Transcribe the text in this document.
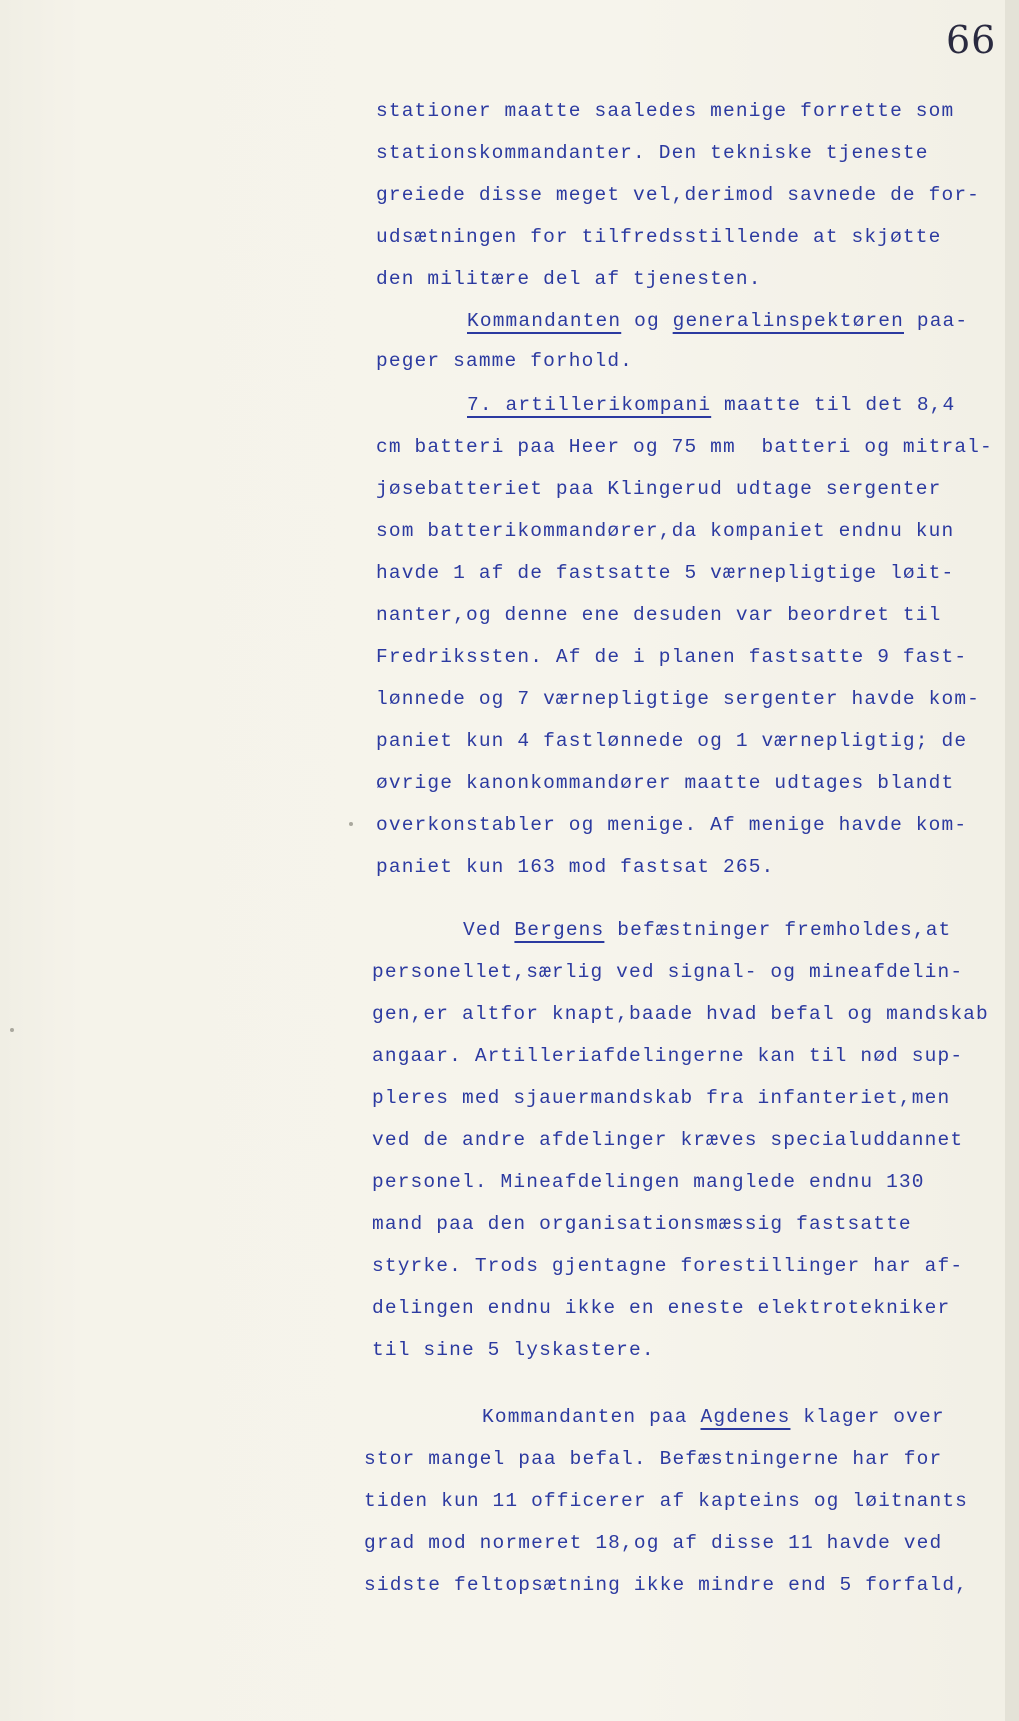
66
stationer maatte saaledes menige forrette som
stationskommandanter. Den tekniske tjeneste
greiede disse meget vel,derimod savnede de for-
udsætningen for tilfredsstillende at skjøtte
den militære del af tjenesten.
Kommandanten og generalinspektøren paa-
peger samme forhold.
7. artillerikompani maatte til det 8,4
cm batteri paa Heer og 75 mm  batteri og mitral-
jøsebatteriet paa Klingerud udtage sergenter
som batterikommandører,da kompaniet endnu kun
havde 1 af de fastsatte 5 værnepligtige løit-
nanter,og denne ene desuden var beordret til
Fredrikssten. Af de i planen fastsatte 9 fast-
lønnede og 7 værnepligtige sergenter havde kom-
paniet kun 4 fastlønnede og 1 værnepligtig; de
øvrige kanonkommandører maatte udtages blandt
overkonstabler og menige. Af menige havde kom-
paniet kun 163 mod fastsat 265.
Ved Bergens befæstninger fremholdes,at
personellet,særlig ved signal- og mineafdelin-
gen,er altfor knapt,baade hvad befal og mandskab
angaar. Artilleriafdelingerne kan til nød sup-
pleres med sjauermandskab fra infanteriet,men
ved de andre afdelinger kræves specialuddannet
personel. Mineafdelingen manglede endnu 130
mand paa den organisationsmæssig fastsatte
styrke. Trods gjentagne forestillinger har af-
delingen endnu ikke en eneste elektrotekniker
til sine 5 lyskastere.
Kommandanten paa Agdenes klager over
stor mangel paa befal. Befæstningerne har for
tiden kun 11 officerer af kapteins og løitnants
grad mod normeret 18,og af disse 11 havde ved
sidste feltopsætning ikke mindre end 5 forfald,
